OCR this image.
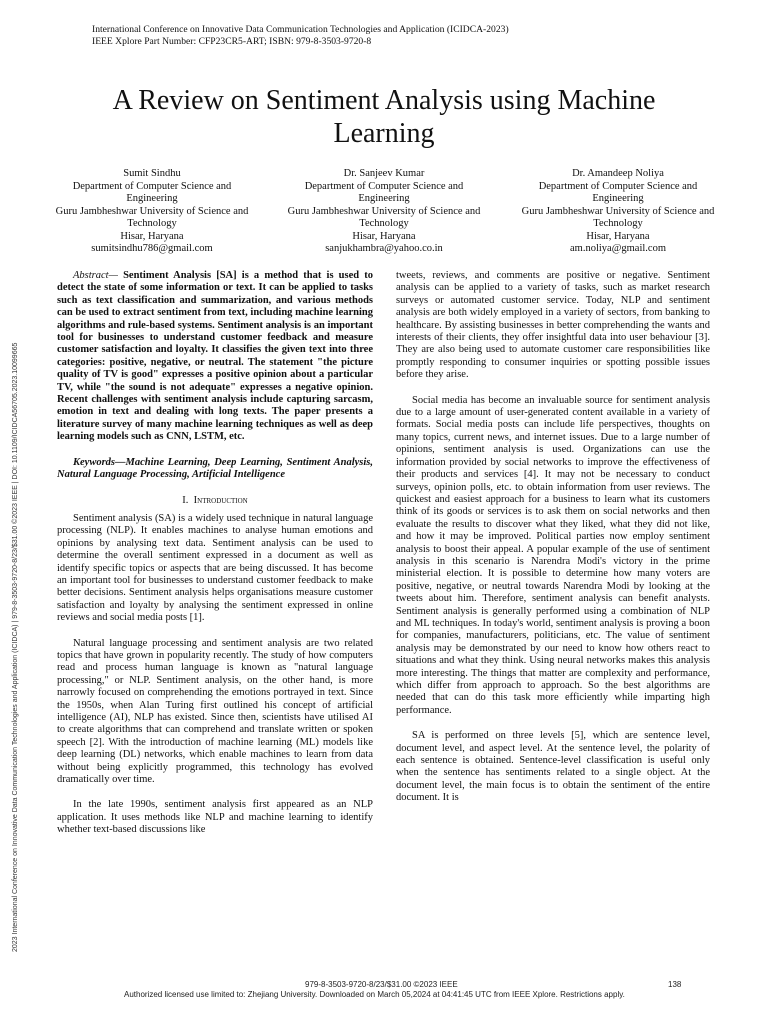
International Conference on Innovative Data Communication Technologies and Application (ICIDCA-2023)
IEEE Xplore Part Number: CFP23CR5-ART; ISBN: 979-8-3503-9720-8
2023 International Conference on Innovative Data Communication Technologies and Application (ICIDCA) | 979-8-3503-9720-8/23/$31.00 ©2023 IEEE | DOI: 10.1109/ICIDCA56705.2023.10099665
A Review on Sentiment Analysis using Machine Learning
Sumit Sindhu
Department of Computer Science and Engineering
Guru Jambheshwar University of Science and Technology
Hisar, Haryana
sumitsindhu786@gmail.com
Dr. Sanjeev Kumar
Department of Computer Science and Engineering
Guru Jambheshwar University of Science and Technology
Hisar, Haryana
sanjukhambra@yahoo.co.in
Dr. Amandeep Noliya
Department of Computer Science and Engineering
Guru Jambheshwar University of Science and Technology
Hisar, Haryana
am.noliya@gmail.com

Abstract— Sentiment Analysis [SA] is a method that is used to detect the state of some information or text. It can be applied to tasks such as text classification and summarization, and various methods can be used to extract sentiment from text, including machine learning algorithms and rule-based systems. Sentiment analysis is an important tool for businesses to understand customer feedback and measure customer satisfaction and loyalty. It classifies the given text into three categories: positive, negative, or neutral. The statement "the picture quality of TV is good" expresses a positive opinion about a particular TV, while "the sound is not adequate" expresses a negative opinion. Recent challenges with sentiment analysis include capturing sarcasm, emotion in text and dealing with long texts. The paper presents a literature survey of many machine learning techniques as well as deep learning models such as CNN, LSTM, etc.

Keywords—Machine Learning, Deep Learning, Sentiment Analysis, Natural Language Processing, Artificial Intelligence

I. Introduction

Sentiment analysis (SA) is a widely used technique in natural language processing (NLP). It enables machines to analyse human emotions and opinions by analysing text data. Sentiment analysis can be used to determine the overall sentiment expressed in a document as well as identify specific topics or aspects that are being discussed. It has become an important tool for businesses to understand customer feedback to make better decisions. Sentiment analysis helps organisations measure customer satisfaction and loyalty by analysing the sentiment expressed in online reviews and social media posts [1].

Natural language processing and sentiment analysis are two related topics that have grown in popularity recently. The study of how computers read and process human language is known as "natural language processing," or NLP. Sentiment analysis, on the other hand, is more narrowly focused on comprehending the emotions portrayed in text. Since the 1950s, when Alan Turing first outlined his concept of artificial intelligence (AI), NLP has existed. Since then, scientists have utilised AI to create algorithms that can comprehend and translate written or spoken speech [2]. With the introduction of machine learning (ML) models like deep learning (DL) networks, which enable machines to learn from data without being explicitly programmed, this technology has evolved dramatically over time.

In the late 1990s, sentiment analysis first appeared as an NLP application. It uses methods like NLP and machine learning to identify whether text-based discussions like

tweets, reviews, and comments are positive or negative. Sentiment analysis can be applied to a variety of tasks, such as market research surveys or automated customer service. Today, NLP and sentiment analysis are both widely employed in a variety of sectors, from banking to healthcare. By assisting businesses in better comprehending the wants and interests of their clients, they offer insightful data into user behaviour [3]. They are also being used to automate customer care responsibilities like promptly responding to consumer inquiries or spotting possible issues before they arise.

Social media has become an invaluable source for sentiment analysis due to a large amount of user-generated content available in a variety of formats. Social media posts can include life perspectives, thoughts on many topics, current news, and internet issues. Due to a large number of opinions, sentiment analysis is used. Organizations can use the information provided by social networks to improve the effectiveness of their products and services [4]. It may not be necessary to conduct surveys, opinion polls, etc. to obtain information from user reviews. The quickest and easiest approach for a business to learn what its customers think of its goods or services is to ask them on social networks and then evaluate the results to discover what they liked, what they did not like, and how it may be improved. Political parties now employ sentiment analysis to boost their appeal. A popular example of the use of sentiment analysis in this scenario is Narendra Modi's victory in the prime ministerial election. It is possible to determine how many voters are positive, negative, or neutral towards Narendra Modi by looking at the tweets about him. Therefore, sentiment analysis can benefit analysts. Sentiment analysis is generally performed using a combination of NLP and ML techniques. In today's world, sentiment analysis is proving a boon for companies, manufacturers, politicians, etc. The value of sentiment analysis may be demonstrated by our need to know how others react to situations and what they think. Using neural networks makes this analysis more interesting. The things that matter are complexity and performance, which differ from approach to approach. So the best algorithms are needed that can do this task more efficiently while imparting high performance.

SA is performed on three levels [5], which are sentence level, document level, and aspect level. At the sentence level, the polarity of each sentence is obtained. Sentence-level classification is useful only when the sentence has sentiments related to a single object. At the document level, the main focus is to obtain the sentiment of the entire document. It is

979-8-3503-9720-8/23/$31.00 ©2023 IEEE	138
Authorized licensed use limited to: Zhejiang University. Downloaded on March 05,2024 at 04:41:45 UTC from IEEE Xplore. Restrictions apply.
